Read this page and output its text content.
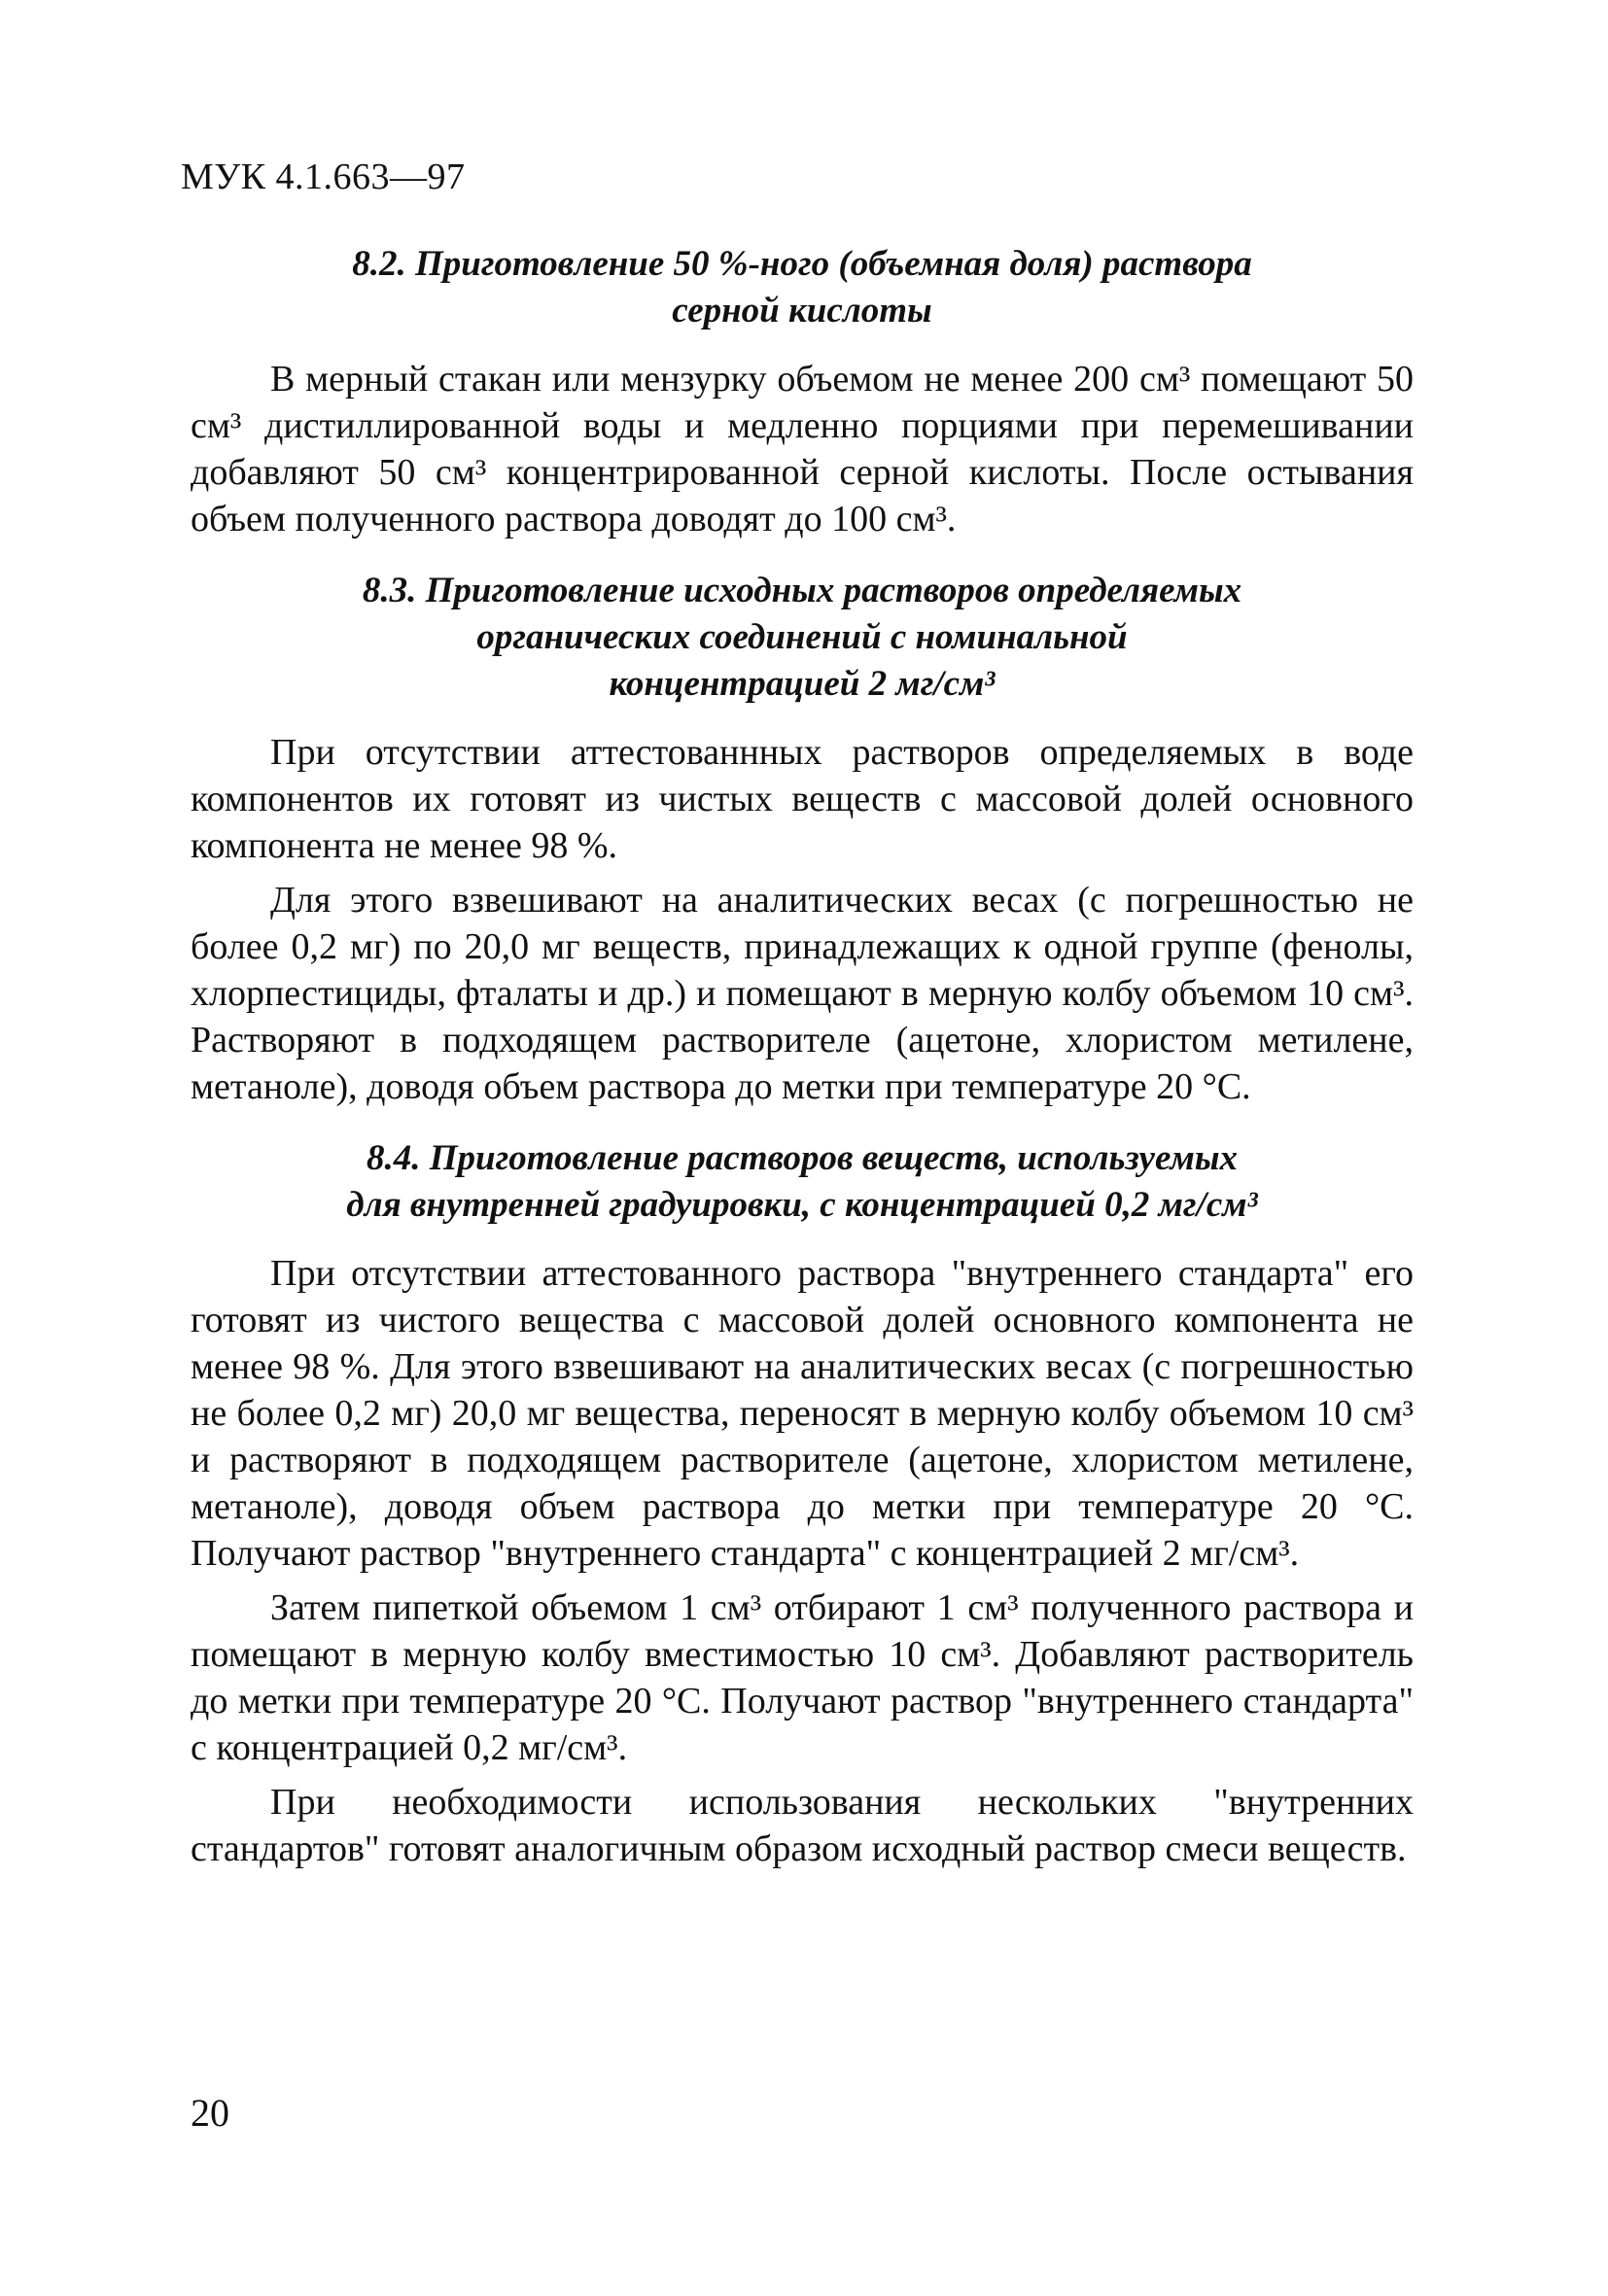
МУК 4.1.663—97
8.2. Приготовление 50 %-ного (объемная доля) раствора
серной кислоты

В мерный стакан или мензурку объемом не менее 200 см³ помещают 50 см³ дистиллированной воды и медленно порциями при перемешивании добавляют 50 см³ концентрированной серной кислоты. После остывания объем полученного раствора доводят до 100 см³.

8.3. Приготовление исходных растворов определяемых
органических соединений с номинальной
концентрацией 2 мг/см³

При отсутствии аттестованнных растворов определяемых в воде компонентов их готовят из чистых веществ с массовой долей основного компонента не менее 98 %.

Для этого взвешивают на аналитических весах (с погрешностью не более 0,2 мг) по 20,0 мг веществ, принадлежащих к одной группе (фенолы, хлорпестициды, фталаты и др.) и помещают в мерную колбу объемом 10 см³. Растворяют в подходящем растворителе (ацетоне, хлористом метилене, метаноле), доводя объем раствора до метки при температуре 20 °С.

8.4. Приготовление растворов веществ, используемых
для внутренней градуировки, с концентрацией 0,2 мг/см³

При отсутствии аттестованного раствора "внутреннего стандарта" его готовят из чистого вещества с массовой долей основного компонента не менее 98 %. Для этого взвешивают на аналитических весах (с погрешностью не более 0,2 мг) 20,0 мг вещества, переносят в мерную колбу объемом 10 см³ и растворяют в подходящем растворителе (ацетоне, хлористом метилене, метаноле), доводя объем раствора до метки при температуре 20 °С. Получают раствор "внутреннего стандарта" с концентрацией 2 мг/см³.

Затем пипеткой объемом 1 см³ отбирают 1 см³ полученного раствора и помещают в мерную колбу вместимостью 10 см³. Добавляют растворитель до метки при температуре 20 °С. Получают раствор "внутреннего стандарта" с концентрацией 0,2 мг/см³.

При необходимости использования нескольких "внутренних стандартов" готовят аналогичным образом исходный раствор смеси веществ.

20
